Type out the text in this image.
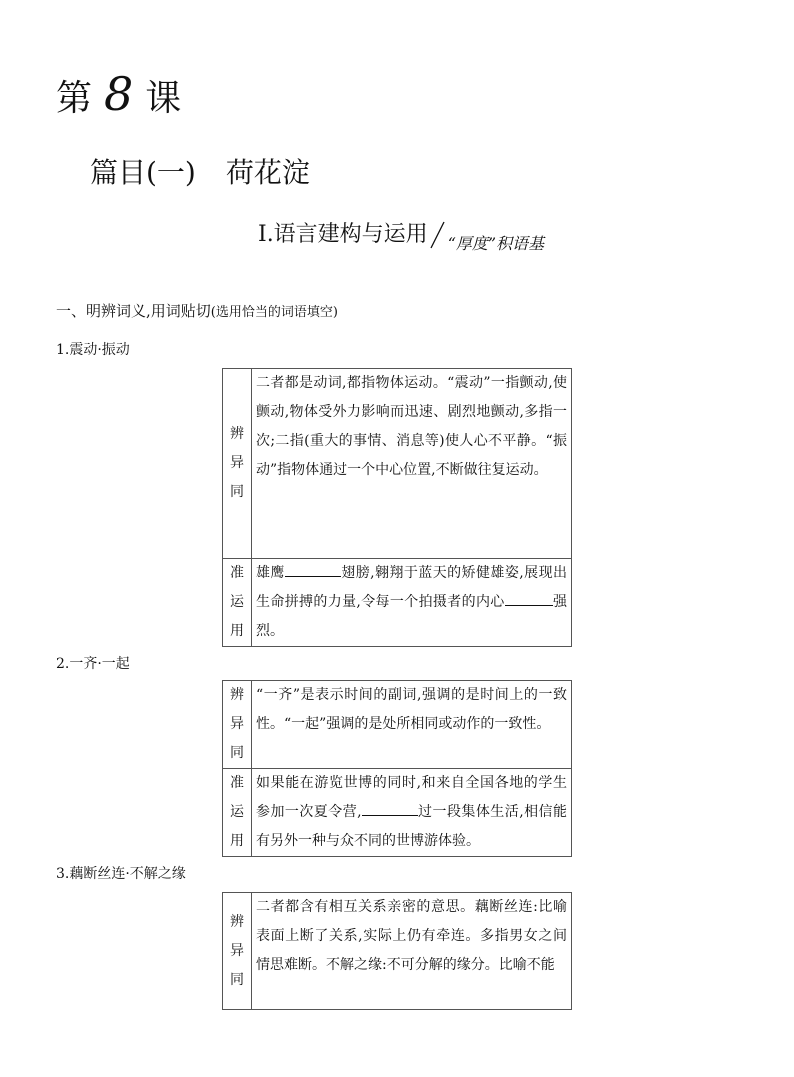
第 8 课
篇目(一) 荷花淀
Ⅰ.语言建构与运用 $_{“厚度”积语基}$
一、明辨词义,用词贴切(选用恰当的词语填空)
1.震动·振动
辨
异
同	二者都是动词,都指物体运动。“震动”一指颤动,使颤动,物体受外力影响而迅速、剧烈地颤动,多指一次;二指(重大的事情、消息等)使人心不平静。“振动”指物体通过一个中心位置,不断做往复运动。

准
运
用	雄鹰 翅膀,翱翔于蓝天的矫健雄姿,展现出生命拼搏的力量,令每一个拍摄者的内心 强烈。
2.一齐·一起
辨
异
同	“一齐”是表示时间的副词,强调的是时间上的一致性。“一起”强调的是处所相同或动作的一致性。

准
运
用	如果能在游览世博的同时,和来自全国各地的学生参加一次夏令营, 过一段集体生活,相信能有另外一种与众不同的世博游体验。
3.藕断丝连·不解之缘
辨
异
同
	二者都含有相互关系亲密的意思。藕断丝连:比喻表面上断了关系,实际上仍有牵连。多指男女之间情思难断。不解之缘:不可分解的缘分。比喻不能
